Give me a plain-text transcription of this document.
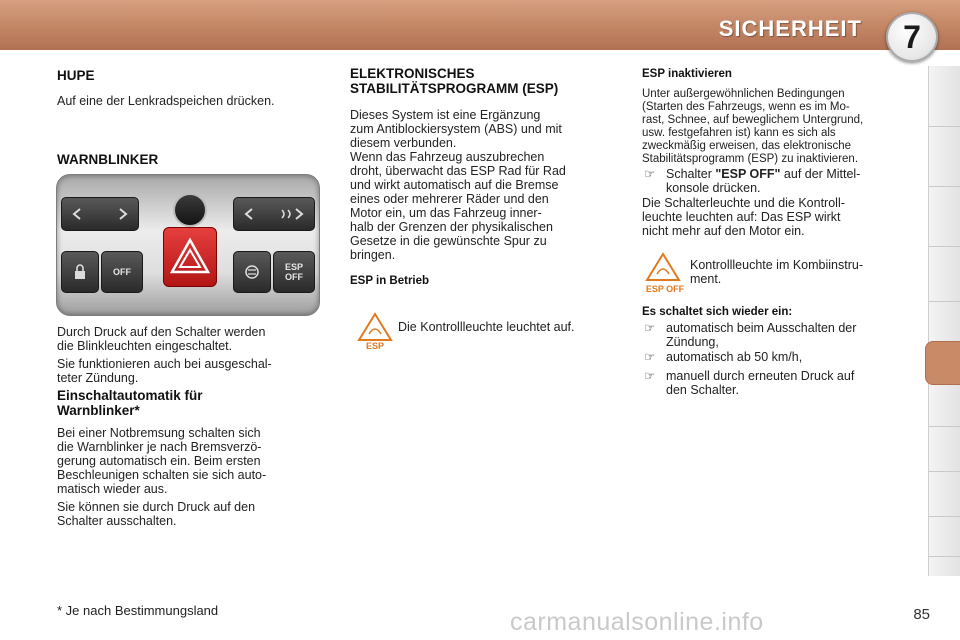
SICHERHEIT 7
HUPE
Auf eine der Lenkradspeichen drücken.
WARNBLINKER
OFF	ESP
OFF
Durch Druck auf den Schalter werden
die Blinkleuchten eingeschaltet.
Sie funktionieren auch bei ausgeschal-
teter Zündung.
Einschaltautomatik für
Warnblinker*
Bei einer Notbremsung schalten sich
die Warnblinker je nach Bremsverzö-
gerung automatisch ein. Beim ersten
Beschleunigen schalten sie sich auto-
matisch wieder aus.
Sie können sie durch Druck auf den
Schalter ausschalten.
ELEKTRONISCHES
STABILITÄTSPROGRAMM (ESP)
Dieses System ist eine Ergänzung
zum Antiblockiersystem (ABS) und mit
diesem verbunden.
Wenn das Fahrzeug auszubrechen
droht, überwacht das ESP Rad für Rad
und wirkt automatisch auf die Bremse
eines oder mehrerer Räder und den
Motor ein, um das Fahrzeug inner-
halb der Grenzen der physikalischen
Gesetze in die gewünschte Spur zu
bringen.
ESP in Betrieb
ESP
Die Kontrollleuchte leuchtet auf.
ESP inaktivieren
Unter außergewöhnlichen Bedingungen
(Starten des Fahrzeugs, wenn es im Mo-
rast, Schnee, auf beweglichem Untergrund,
usw. festgefahren ist) kann es sich als
zweckmäßig erweisen, das elektronische
Stabilitätsprogramm (ESP) zu inaktivieren.
☞ Schalter "ESP OFF" auf der Mittel-
konsole drücken.
Die Schalterleuchte und die Kontroll-
leuchte leuchten auf: Das ESP wirkt
nicht mehr auf den Motor ein.
ESP OFF
Kontrollleuchte im Kombiinstru-
ment.
Es schaltet sich wieder ein:
☞ automatisch beim Ausschalten der
Zündung,
☞ automatisch ab 50 km/h,
☞ manuell durch erneuten Druck auf
den Schalter.
* Je nach Bestimmungsland	carmanualsonline.info	85
